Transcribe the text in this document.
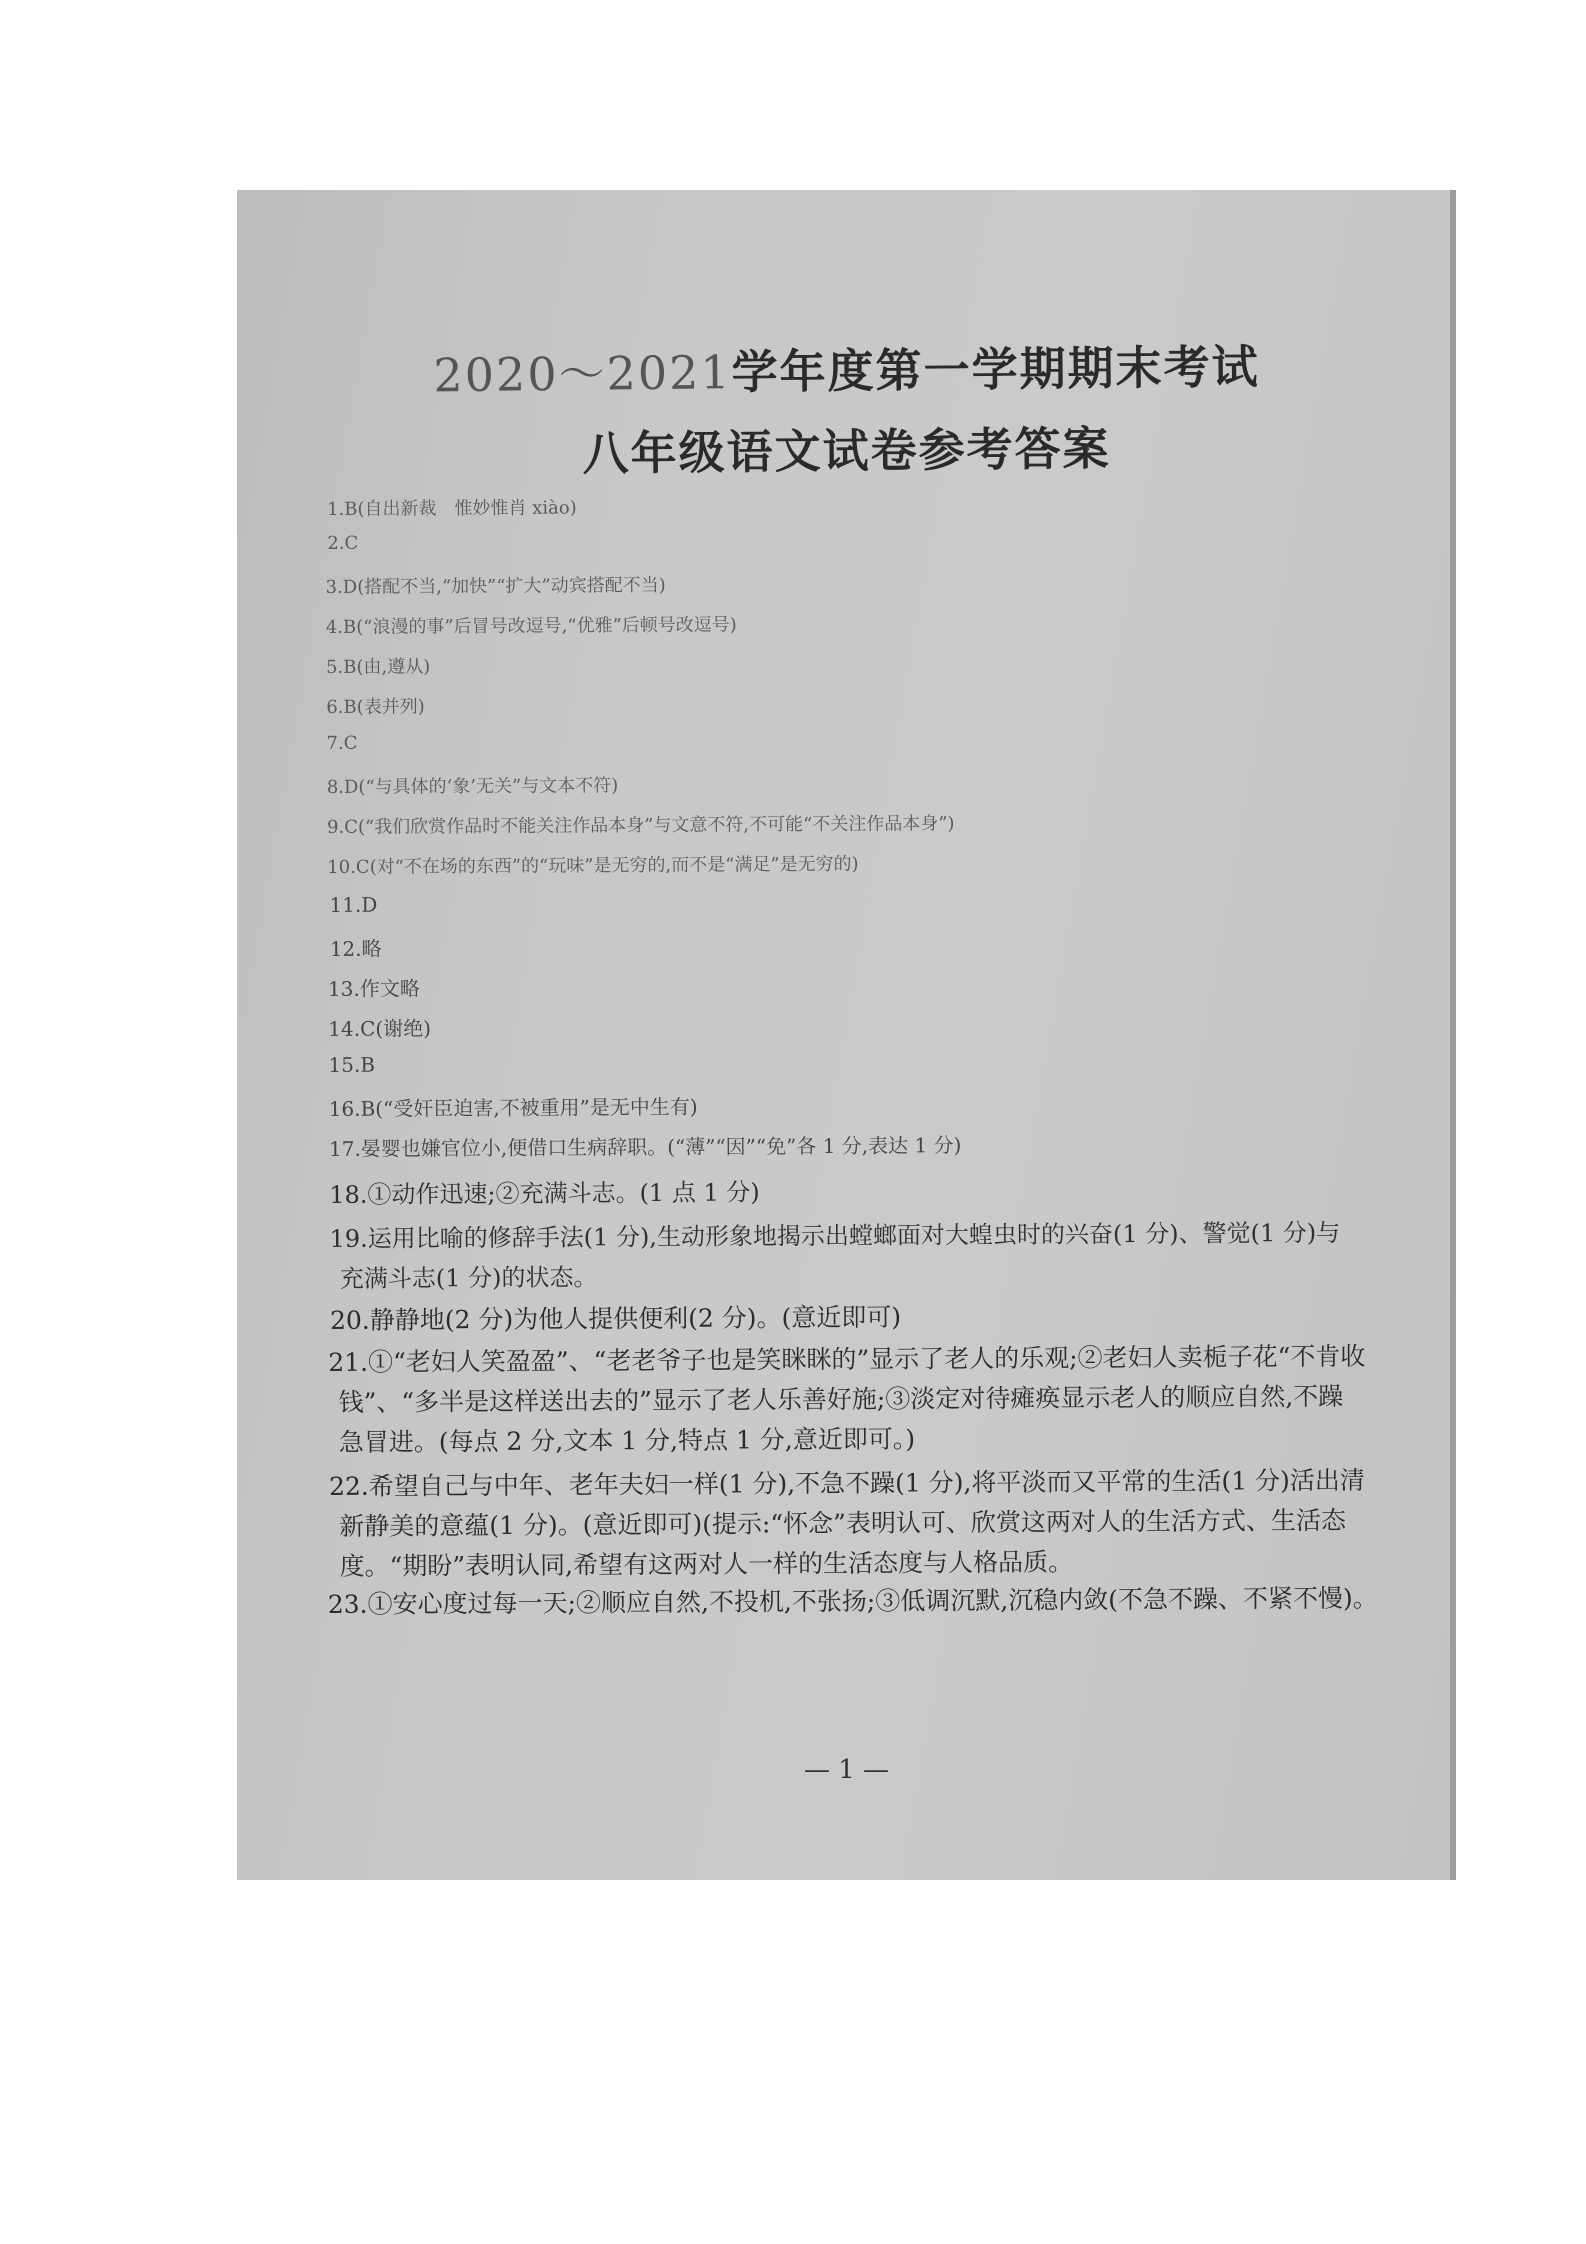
2020～2021学年度第一学期期末考试
八年级语文试卷参考答案
1.B(自出新裁　惟妙惟肖 xiào)
2.C
3.D(搭配不当,“加快”“扩大”动宾搭配不当)
4.B(“浪漫的事”后冒号改逗号,“优雅”后顿号改逗号)
5.B(由,遵从)
6.B(表并列)
7.C
8.D(“与具体的‘象’无关”与文本不符)
9.C(“我们欣赏作品时不能关注作品本身”与文意不符,不可能“不关注作品本身”)
10.C(对“不在场的东西”的“玩味”是无穷的,而不是“满足”是无穷的)
11.D
12.略
13.作文略
14.C(谢绝)
15.B
16.B(“受奸臣迫害,不被重用”是无中生有)
17.晏婴也嫌官位小,便借口生病辞职。(“薄”“因”“免”各 1 分,表达 1 分)
18.①动作迅速;②充满斗志。(1 点 1 分)
19.运用比喻的修辞手法(1 分),生动形象地揭示出螳螂面对大蝗虫时的兴奋(1 分)、警觉(1 分)与
充满斗志(1 分)的状态。
20.静静地(2 分)为他人提供便利(2 分)。(意近即可)
21.①“老妇人笑盈盈”、“老老爷子也是笑眯眯的”显示了老人的乐观;②老妇人卖栀子花“不肯收
钱”、“多半是这样送出去的”显示了老人乐善好施;③淡定对待瘫痪显示老人的顺应自然,不躁
急冒进。(每点 2 分,文本 1 分,特点 1 分,意近即可。)
22.希望自己与中年、老年夫妇一样(1 分),不急不躁(1 分),将平淡而又平常的生活(1 分)活出清
新静美的意蕴(1 分)。(意近即可)(提示:“怀念”表明认可、欣赏这两对人的生活方式、生活态
度。“期盼”表明认同,希望有这两对人一样的生活态度与人格品质。
23.①安心度过每一天;②顺应自然,不投机,不张扬;③低调沉默,沉稳内敛(不急不躁、不紧不慢)。
— 1 —
